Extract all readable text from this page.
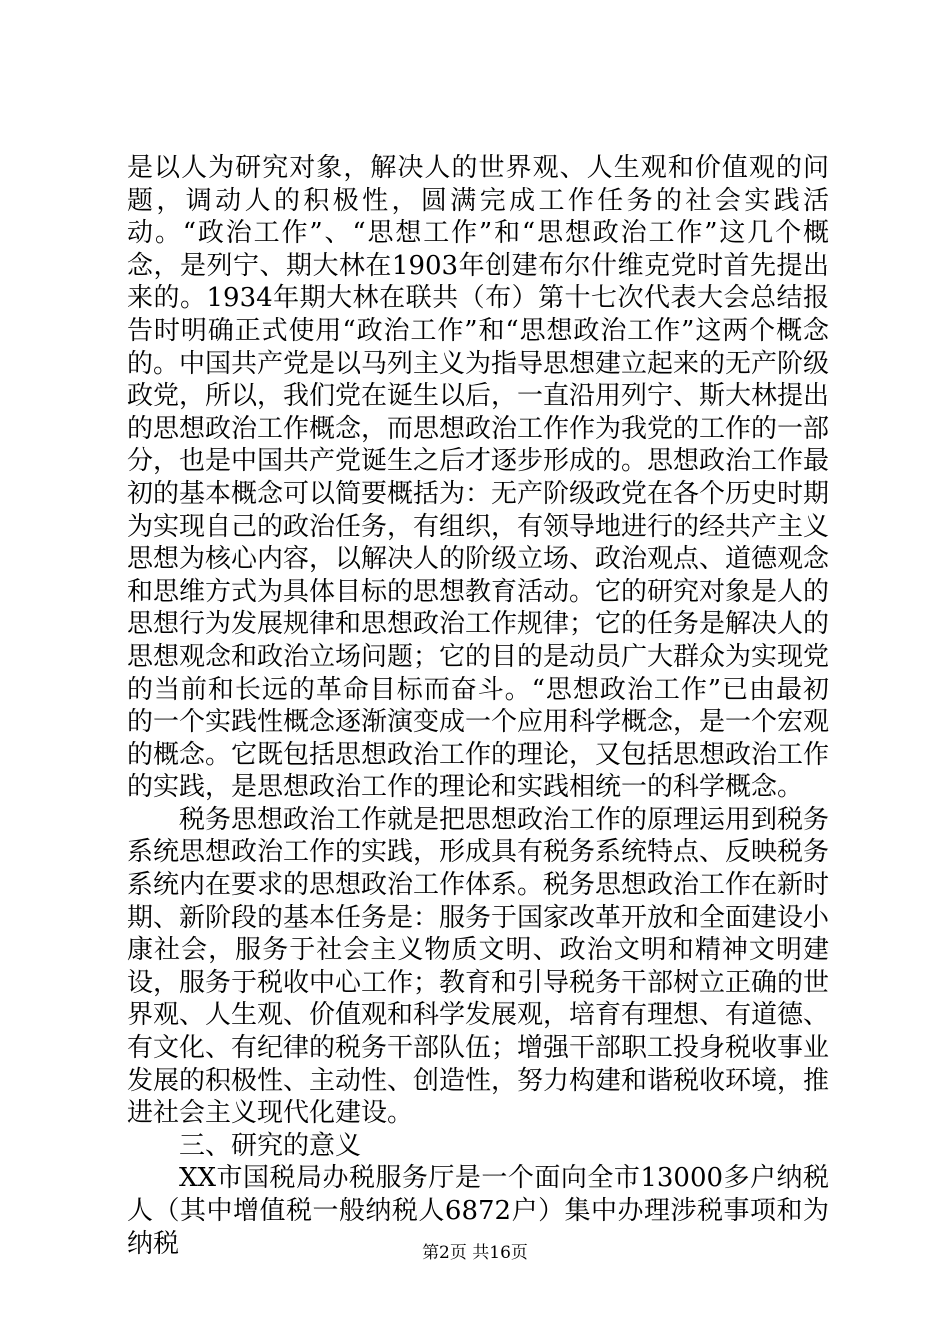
是以人为研究对象，解决人的世界观、人生观和价值观的问题，调动人的积极性，圆满完成工作任务的社会实践活动。“政治工作”、“思想工作”和“思想政治工作”这几个概念，是列宁、期大林在1903年创建布尔什维克党时首先提出来的。1934年期大林在联共（布）第十七次代表大会总结报告时明确正式使用“政治工作”和“思想政治工作”这两个概念的。中国共产党是以马列主义为指导思想建立起来的无产阶级政党，所以，我们党在诞生以后，一直沿用列宁、斯大林提出的思想政治工作概念，而思想政治工作作为我党的工作的一部分，也是中国共产党诞生之后才逐步形成的。思想政治工作最初的基本概念可以简要概括为：无产阶级政党在各个历史时期为实现自己的政治任务，有组织，有领导地进行的经共产主义思想为核心内容，以解决人的阶级立场、政治观点、道德观念和思维方式为具体目标的思想教育活动。它的研究对象是人的思想行为发展规律和思想政治工作规律；它的任务是解决人的思想观念和政治立场问题；它的目的是动员广大群众为实现党的当前和长远的革命目标而奋斗。“思想政治工作”已由最初的一个实践性概念逐渐演变成一个应用科学概念，是一个宏观的概念。它既包括思想政治工作的理论，又包括思想政治工作的实践，是思想政治工作的理论和实践相统一的科学概念。

税务思想政治工作就是把思想政治工作的原理运用到税务系统思想政治工作的实践，形成具有税务系统特点、反映税务系统内在要求的思想政治工作体系。税务思想政治工作在新时期、新阶段的基本任务是：服务于国家改革开放和全面建设小康社会，服务于社会主义物质文明、政治文明和精神文明建设，服务于税收中心工作；教育和引导税务干部树立正确的世界观、人生观、价值观和科学发展观，培育有理想、有道德、有文化、有纪律的税务干部队伍；增强干部职工投身税收事业发展的积极性、主动性、创造性，努力构建和谐税收环境，推进社会主义现代化建设。

三、研究的意义

XX市国税局办税服务厅是一个面向全市13000多户纳税人（其中增值税一般纳税人6872户）集中办理涉税事项和为纳税	第2页 共16页
